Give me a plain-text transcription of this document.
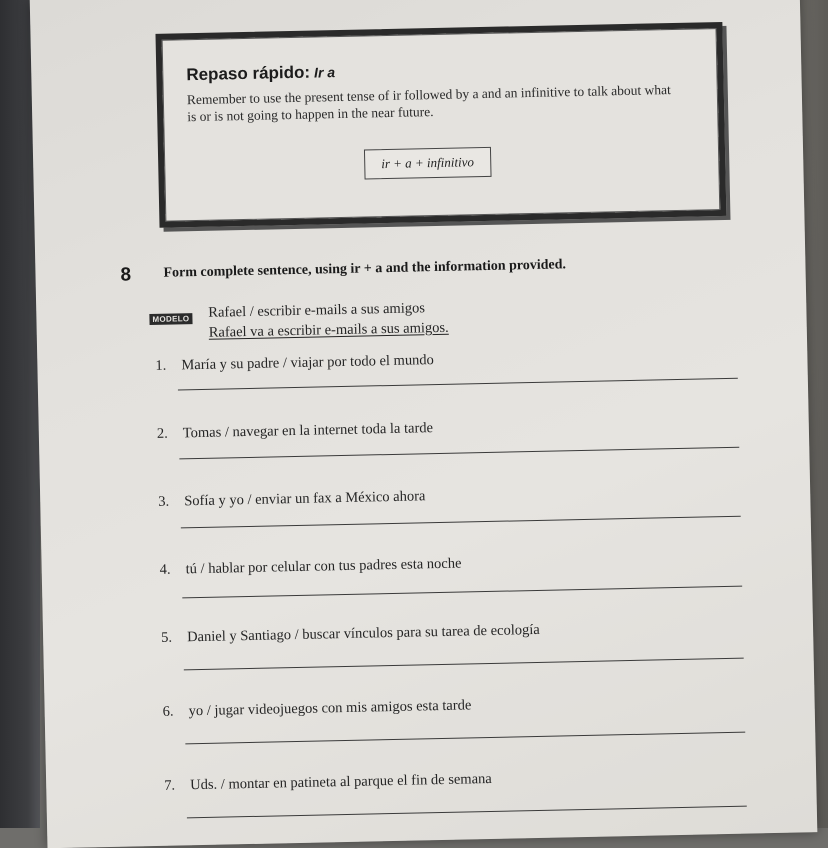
Repaso rápido: Ir a
Remember to use the present tense of ir followed by a and an infinitive to talk about what is or is not going to happen in the near future.
ir + a + infinitivo
8 Form complete sentence, using ir + a and the information provided.
MODELO Rafael / escribir e-mails a sus amigos
Rafael va a escribir e-mails a sus amigos.
1. María y su padre / viajar por todo el mundo
2. Tomas / navegar en la internet toda la tarde
3. Sofía y yo / enviar un fax a México ahora
4. tú / hablar por celular con tus padres esta noche
5. Daniel y Santiago / buscar vínculos para su tarea de ecología
6. yo / jugar videojuegos con mis amigos esta tarde
7. Uds. / montar en patineta al parque el fin de semana
